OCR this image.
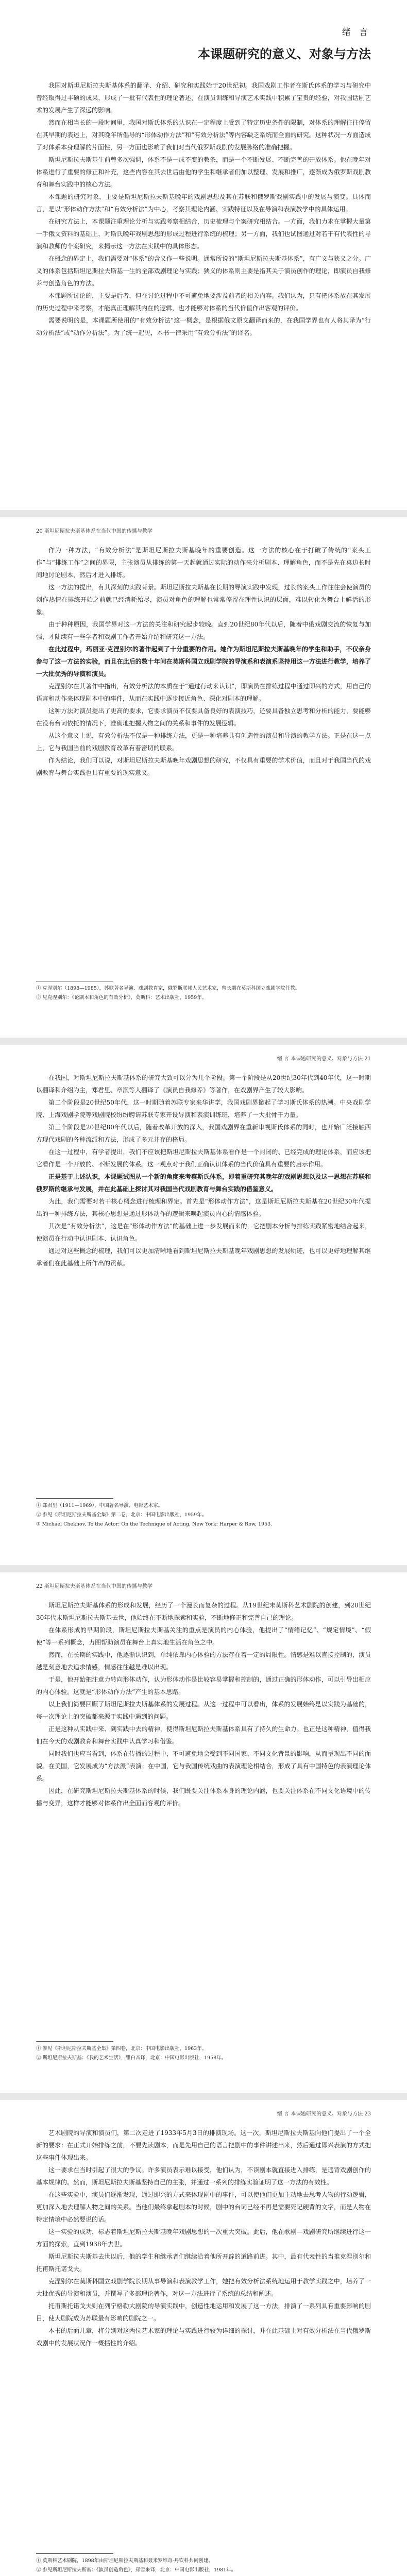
绪 言
本课题研究的意义、对象与方法

我国对斯坦尼斯拉夫斯基体系的翻译、介绍、研究和实践始于20世纪初。我国戏剧工作者在斯氏体系的学习与研究中曾经取得过丰硕的成果，形成了一批有代表性的理论著述，在演员训练和导演艺术实践中积累了宝贵的经验，对我国话剧艺术的发展产生了深远的影响。

然而在相当长的一段时间里，我国对斯氏体系的认识在一定程度上受到了特定历史条件的限制，对体系的理解往往停留在其早期的表述上，对其晚年所倡导的“形体动作方法”和“有效分析法”等内容缺乏系统而全面的研究。这种状况一方面造成了对体系本身理解的片面性，另一方面也影响了我们对当代俄罗斯戏剧的发展脉络的准确把握。

斯坦尼斯拉夫斯基生前曾多次强调，体系不是一成不变的教条，而是一个不断发展、不断完善的开放体系。他在晚年对体系进行了重要的修正和补充，这些内容在其去世后由他的学生和继承者们加以整理、发展和推广，逐渐成为俄罗斯戏剧教育和舞台实践中的核心方法。

本课题的研究对象，主要是斯坦尼斯拉夫斯基晚年的戏剧思想及其在苏联和俄罗斯戏剧实践中的发展与演变。具体而言，是以“形体动作方法”和“有效分析法”为中心，考察其理论内涵、实践特征以及在导演和表演教学中的具体运用。

在研究方法上，本课题注重理论分析与实践考察相结合，历史梳理与个案研究相结合。一方面，我们力求在掌握大量第一手俄文资料的基础上，对斯氏晚年戏剧思想的形成过程进行系统的梳理；另一方面，我们也试图通过对若干有代表性的导演和教师的个案研究，来揭示这一方法在实践中的具体形态。

在概念的界定上，我们需要对“体系”的含义作一些说明。通常所说的“斯坦尼斯拉夫斯基体系”，有广义与狭义之分。广义的体系包括斯坦尼斯拉夫斯基一生的全部戏剧理论与实践；狭义的体系则主要是指其关于演员创作的理论，即演员自我修养与创造角色的方法。

本课题所讨论的，主要是后者，但在讨论过程中不可避免地要涉及前者的相关内容。我们认为，只有把体系放在其发展的历史过程中来考察，才能真正理解其内在的逻辑，也才能够对体系的当代价值作出客观的评价。

需要说明的是，本课题所使用的“有效分析法”这一概念，是根据俄文原文翻译而来的，在我国学界也有人将其译为“行动分析法”或“动作分析法”。为了统一起见，本书一律采用“有效分析法”的译名。

20 斯坦尼斯拉夫斯基体系在当代中国的传播与教学

作为一种方法，“有效分析法”是斯坦尼斯拉夫斯基晚年的重要创造。这一方法的核心在于打破了传统的“案头工作”与“排练工作”之间的界限，主张演员从排练的第一天起就通过实际的动作来分析剧本、理解角色，而不是先在桌边长时间地讨论剧本，然后才进入排练。

这一方法的提出，有其深刻的实践背景。斯坦尼斯拉夫斯基在长期的导演实践中发现，过长的案头工作往往会使演员的创作热情在排练开始之前就已经消耗殆尽，演员对角色的理解也常常停留在理性认识的层面，难以转化为舞台上鲜活的形象。

由于种种原因，我国学界对这一方法的关注和研究起步较晚。直到20世纪80年代以后，随着中俄戏剧交流的恢复与加强，才陆续有一些学者和戏剧工作者开始介绍和研究这一方法。

在此过程中，玛丽亚·克涅别尔的著作起到了十分重要的作用。她作为斯坦尼斯拉夫斯基晚年的学生和助手，不仅亲身参与了这一方法的实验，而且在此后的数十年间在莫斯科国立戏剧学院的导演系和表演系坚持用这一方法进行教学，培养了一大批优秀的导演和演员。

克涅别尔在其著作中指出，有效分析法的本质在于“通过行动来认识”，即演员在排练过程中通过即兴的方式，用自己的语言和动作来体现剧本中的事件，从而在实践中逐步接近角色、深化对剧本的理解。

这种方法对演员提出了更高的要求，它要求演员不仅要具备良好的表演技巧，还要具备独立思考和分析的能力，要能够在没有台词依托的情况下，准确地把握人物之间的关系和事件的发展逻辑。

从这个意义上说，有效分析法不仅是一种排练方法，更是一种培养具有创造性的演员和导演的教学方法。正是在这一点上，它与我国当前的戏剧教育改革有着密切的联系。

作为结论，我们可以说，对斯坦尼斯拉夫斯基晚年戏剧思想的研究，不仅具有重要的学术价值，而且对于我国当代的戏剧教育与舞台实践也具有重要的现实意义。

① 克涅别尔（1898—1985），苏联著名导演、戏剧教育家，俄罗斯联邦人民艺术家，曾长期在莫斯科国立戏剧学院任教。

② 见克涅别尔：《论剧本和角色的有效分析》，莫斯科：艺术出版社，1959年。

绪 言 本课题研究的意义、对象与方法 21

在我国，对斯坦尼斯拉夫斯基体系的研究大致可以分为几个阶段。第一个阶段是从20世纪30年代到40年代，这一时期以翻译和介绍为主，郑君里、章泯等人翻译了《演员自我修养》等著作，在戏剧界产生了较大影响。

第二个阶段是20世纪50年代，这一时期随着苏联专家来华讲学，我国戏剧界掀起了学习斯氏体系的热潮。中央戏剧学院、上海戏剧学院等戏剧院校纷纷聘请苏联专家开设导演和表演训练班，培养了一大批骨干力量。

第三个阶段是20世纪80年代以后，随着改革开放的深入，我国戏剧界在重新审视斯氏体系的同时，也开始广泛接触西方现代戏剧的各种流派和方法，形成了多元并存的格局。

在这一过程中，有学者提出，我们不应该把斯坦尼斯拉夫斯基体系看作是一个封闭的、已经完成的理论体系，而应该把它看作是一个开放的、不断发展的体系。这一观点对于我们正确认识体系的当代价值具有重要的启示作用。

正是基于上述认识，本课题试图从一个新的角度来考察斯氏体系，即着重研究其晚年的戏剧思想以及这一思想在苏联和俄罗斯的继承与发展，并在此基础上探讨其对我国当代戏剧教育与舞台实践的借鉴意义。

为此，我们需要对若干核心概念进行梳理和界定。首先是“形体动作方法”，这是斯坦尼斯拉夫斯基在20世纪30年代提出的一种排练方法，其核心思想是通过形体动作的逻辑来唤起演员内心的情感体验。

其次是“有效分析法”，这是在“形体动作方法”的基础上进一步发展而来的，它把剧本分析与排练实践紧密地结合起来，使演员在行动中认识剧本、认识角色。

通过对这些概念的梳理，我们可以更加清晰地看到斯坦尼斯拉夫斯基晚年戏剧思想的发展轨迹，也可以更好地理解其继承者们在此基础上所作出的贡献。

① 郑君里（1911—1969），中国著名导演、电影艺术家。

② 参见《斯坦尼斯拉夫斯基全集》第二卷，北京：中国电影出版社，1959年。

③ Michael Chekhov, To the Actor: On the Technique of Acting, New York: Harper & Row, 1953.

22 斯坦尼斯拉夫斯基体系在当代中国的传播与教学

斯坦尼斯拉夫斯基体系的形成和发展，经历了一个漫长而复杂的过程。从19世纪末莫斯科艺术剧院的创建，到20世纪30年代末斯坦尼斯拉夫斯基去世，他始终在不断地探索和实验，不断地修正和完善自己的理论。

在体系形成的早期阶段，斯坦尼斯拉夫斯基关注的重点是演员的内心体验，他提出了“情绪记忆”、“规定情境”、“假使”等一系列概念，力图帮助演员在舞台上真实地生活在角色之中。

然而，在长期的实践中，他逐渐认识到，单纯依靠内心体验的方法存在着一定的局限性。情感是难以直接控制的，演员越是刻意地去追求情感，情感往往越是难以出现。

于是，他开始把注意力转向形体动作，认为形体动作是比较容易掌握和控制的，通过正确的形体动作，可以引导出相应的内心体验。这就是“形体动作方法”产生的基本思路。

以上我们简要回顾了斯坦尼斯拉夫斯基体系的发展过程。从这一过程中可以看出，体系的发展始终是以实践为基础的，每一次理论上的突破都来源于实践中遇到的问题。

正是这种从实践中来、到实践中去的精神，使得斯坦尼斯拉夫斯基体系具有了持久的生命力。也正是这种精神，值得我们在今天的戏剧教育和舞台实践中认真学习和借鉴。

同时我们也应当看到，体系在传播的过程中，不可避免地会受到不同国家、不同文化背景的影响，从而呈现出不同的面貌。在美国，它发展成为“方法派”表演；在中国，它与我国传统戏曲的表演理论相结合，形成了具有中国特色的表演理论体系。

因此，在研究斯坦尼斯拉夫斯基体系的时候，我们既要关注体系本身的理论内涵，也要关注体系在不同文化语境中的传播与变异，这样才能够对体系作出全面而客观的评价。

① 参见《斯坦尼斯拉夫斯基全集》第四卷，北京：中国电影出版社，1963年。

② 斯坦尼斯拉夫斯基：《我的艺术生活》，瞿白音译，北京：中国电影出版社，1958年。

绪 言 本课题研究的意义、对象与方法 23

艺术剧院的导演和演员们，第二次走进了1933年5月3日的排演现场。这一次，斯坦尼斯拉夫斯基向他们提出了一个全新的要求：在正式开始排练之前，不要先读剧本，而是先用自己的语言把剧中的事件讲述出来，然后通过即兴表演的方式把这些事件体现出来。

这一要求在当时引起了很大的争议。许多演员表示难以接受，他们认为，不读剧本就直接进入排练，是违背戏剧创作的基本规律的。然而，斯坦尼斯拉夫斯基坚持自己的主张，并通过一系列的排练实验证明了这一方法的有效性。

在这些实验中，演员们逐渐发现，通过即兴的方式来体现剧中的事件，可以使他们更加主动地去思考人物的行动逻辑，更加深入地去理解人物之间的关系。当他们最终拿起剧本的时候，剧中的台词已经不再是需要死记硬背的文字，而是人物在特定情境中必然要说的话。

这一实验的成功，标志着斯坦尼斯拉夫斯基晚年戏剧思想的一次重大突破。此后，他在歌剧—戏剧研究所继续进行这一方面的探索，直到1938年去世。

斯坦尼斯拉夫斯基去世以后，他的学生和继承者们继续沿着他所开辟的道路前进。其中，最有代表性的当推克涅别尔和托甫斯托诺戈夫。

克涅别尔在莫斯科国立戏剧学院长期从事导演和表演教学工作，她把有效分析法系统地运用于教学实践之中，培养了一大批优秀的导演和演员，并撰写了多部理论著作，对这一方法进行了系统的总结和阐述。

托甫斯托诺戈夫则在列宁格勒大剧院的导演实践中，创造性地运用和发展了这一方法，排演了一系列具有重要影响的剧目，使大剧院成为苏联最有影响的剧院之一。

本书的后面几章，将分别对这两位艺术家的理论与实践进行较为详细的探讨，并在此基础上对有效分析法在当代俄罗斯戏剧中的发展状况作一概括性的介绍。

① 莫斯科艺术剧院，1898年由斯坦尼斯拉夫斯基和聂米罗维奇-丹钦科共同创建。

② 参见斯坦尼斯拉夫斯基：《演员创造角色》，郑雪来译，北京：中国电影出版社，1981年。
